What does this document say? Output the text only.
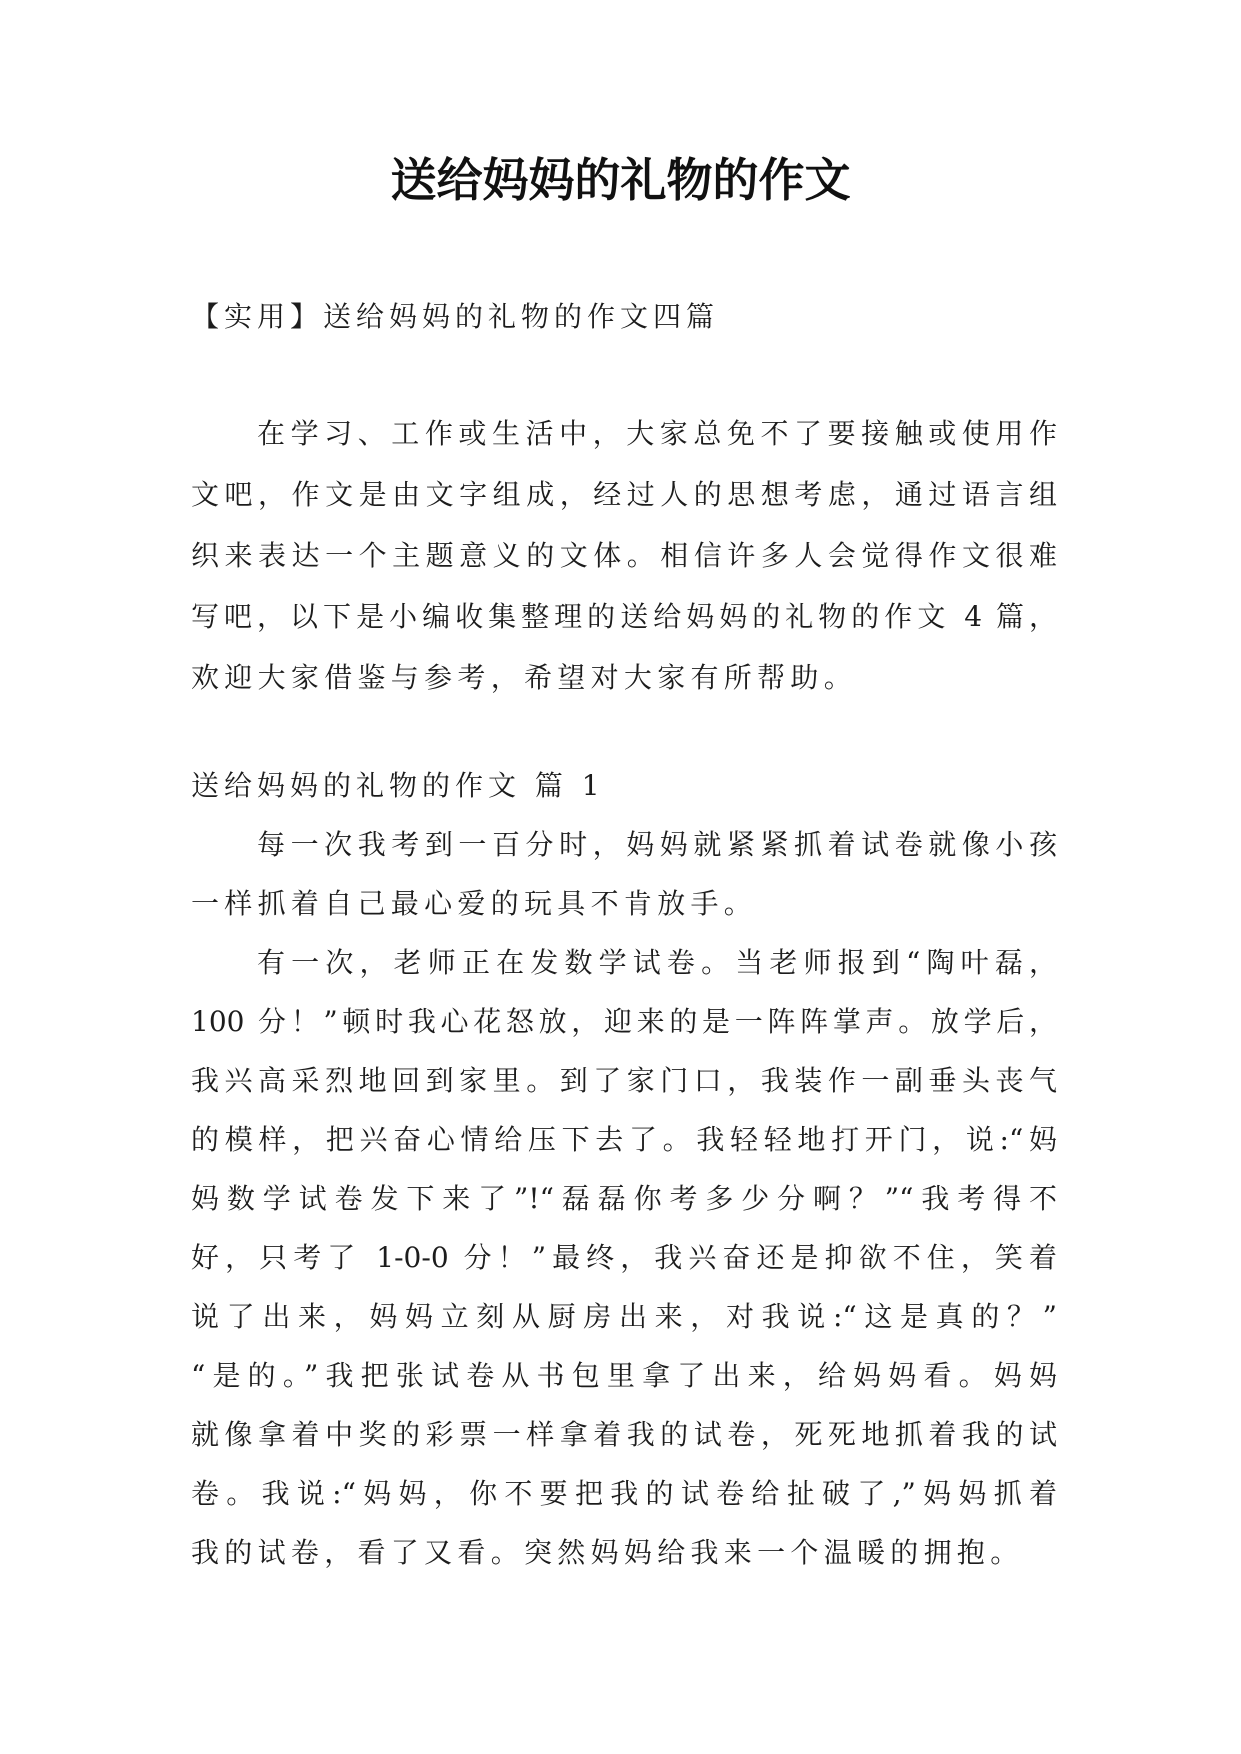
送给妈妈的礼物的作文
【实用】送给妈妈的礼物的作文四篇
在学习、工作或生活中，大家总免不了要接触或使用作
文吧，作文是由文字组成，经过人的思想考虑，通过语言组
织来表达一个主题意义的文体。相信许多人会觉得作文很难
写吧，以下是小编收集整理的送给妈妈的礼物的作文 4 篇，
欢迎大家借鉴与参考，希望对大家有所帮助。
送给妈妈的礼物的作文 篇 1
每一次我考到一百分时，妈妈就紧紧抓着试卷就像小孩
一样抓着自己最心爱的玩具不肯放手。
有一次，老师正在发数学试卷。当老师报到“陶叶磊，
100 分！”顿时我心花怒放，迎来的是一阵阵掌声。放学后，
我兴高采烈地回到家里。到了家门口，我装作一副垂头丧气
的模样，把兴奋心情给压下去了。我轻轻地打开门，说:“妈
妈数学试卷发下来了”!“磊磊你考多少分啊？”“我考得不
好，只考了 1-0-0 分！”最终，我兴奋还是抑欲不住，笑着
说了出来，妈妈立刻从厨房出来，对我说:“这是真的？”
“是的。”我把张试卷从书包里拿了出来，给妈妈看。妈妈
就像拿着中奖的彩票一样拿着我的试卷，死死地抓着我的试
卷。我说:“妈妈，你不要把我的试卷给扯破了,”妈妈抓着
我的试卷，看了又看。突然妈妈给我来一个温暖的拥抱。
